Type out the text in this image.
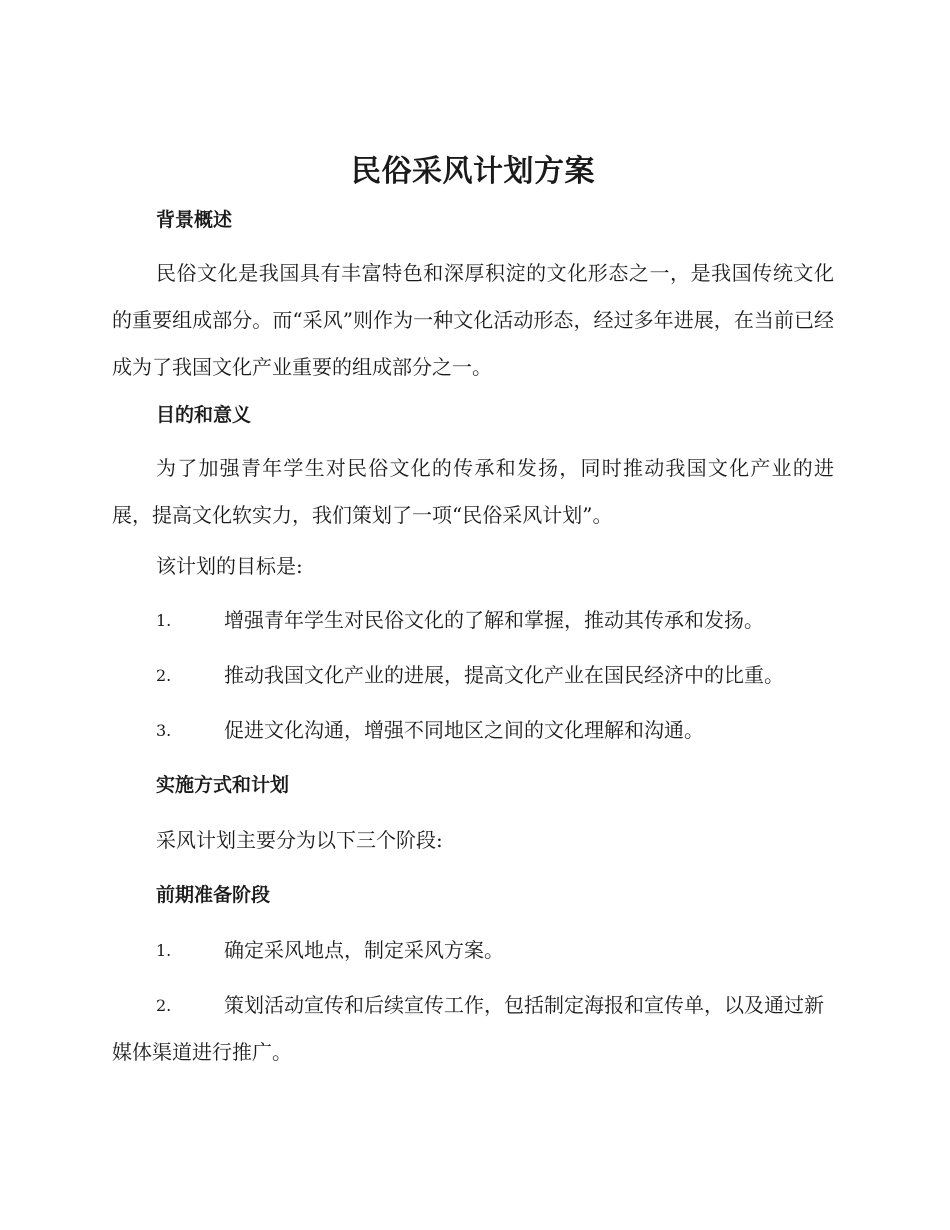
民俗采风计划方案
背景概述

民俗文化是我国具有丰富特色和深厚积淀的文化形态之一，是我国传统文化的重要组成部分。而“采风”则作为一种文化活动形态，经过多年进展，在当前已经成为了我国文化产业重要的组成部分之一。

目的和意义

为了加强青年学生对民俗文化的传承和发扬，同时推动我国文化产业的进展，提高文化软实力，我们策划了一项“民俗采风计划”。

该计划的目标是:

1.	增强青年学生对民俗文化的了解和掌握，推动其传承和发扬。
2.	推动我国文化产业的进展，提高文化产业在国民经济中的比重。
3.	促进文化沟通，增强不同地区之间的文化理解和沟通。
实施方式和计划

采风计划主要分为以下三个阶段:

前期准备阶段
1.	确定采风地点，制定采风方案。
2.	策划活动宣传和后续宣传工作，包括制定海报和宣传单，以及通过新媒体渠道进行推广。
